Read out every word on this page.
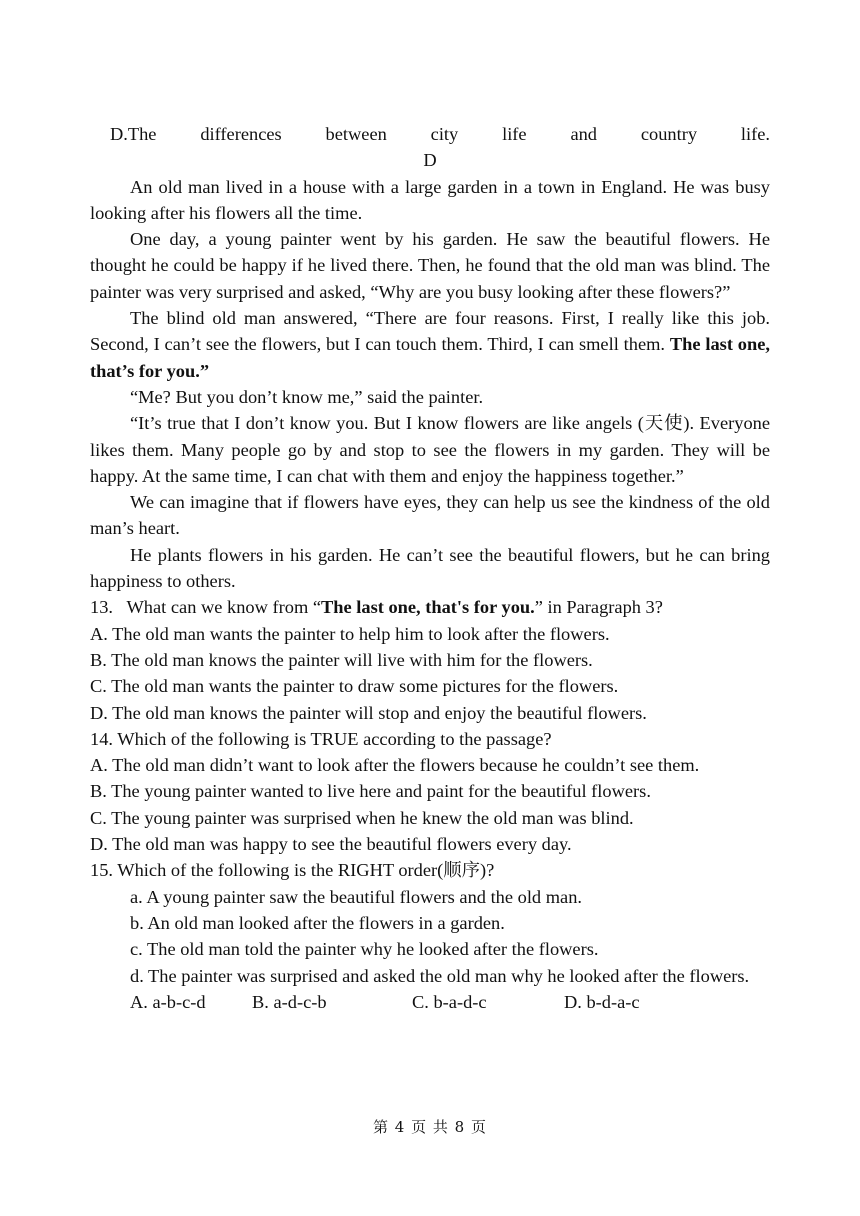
D.The differences between city life and country life.
D
An old man lived in a house with a large garden in a town in England. He was busy looking after his flowers all the time.
One day, a young painter went by his garden. He saw the beautiful flowers. He thought he could be happy if he lived there. Then, he found that the old man was blind. The painter was very surprised and asked, “Why are you busy looking after these flowers?”
The blind old man answered, “There are four reasons. First, I really like this job. Second, I can’t see the flowers, but I can touch them. Third, I can smell them. The last one, that’s for you.”
“Me? But you don’t know me,” said the painter.
“It’s true that I don’t know you. But I know flowers are like angels (天使). Everyone likes them. Many people go by and stop to see the flowers in my garden. They will be happy. At the same time, I can chat with them and enjoy the happiness together.”
We can imagine that if flowers have eyes, they can help us see the kindness of the old man’s heart.
He plants flowers in his garden. He can’t see the beautiful flowers, but he can bring happiness to others.
13.   What can we know from “The last one, that's for you.” in Paragraph 3?
A. The old man wants the painter to help him to look after the flowers.
B. The old man knows the painter will live with him for the flowers.
C. The old man wants the painter to draw some pictures for the flowers.
D. The old man knows the painter will stop and enjoy the beautiful flowers.
14. Which of the following is TRUE according to the passage?
A. The old man didn’t want to look after the flowers because he couldn’t see them.
B. The young painter wanted to live here and paint for the beautiful flowers.
C. The young painter was surprised when he knew the old man was blind.
D. The old man was happy to see the beautiful flowers every day.
15. Which of the following is the RIGHT order(顺序)?
a. A young painter saw the beautiful flowers and the old man.
b. An old man looked after the flowers in a garden.
c. The old man told the painter why he looked after the flowers.
d. The painter was surprised and asked the old man why he looked after the flowers.
A. a-b-c-d	B. a-d-c-b	C. b-a-d-c	D. b-d-a-c
第 4 页 共 8 页
